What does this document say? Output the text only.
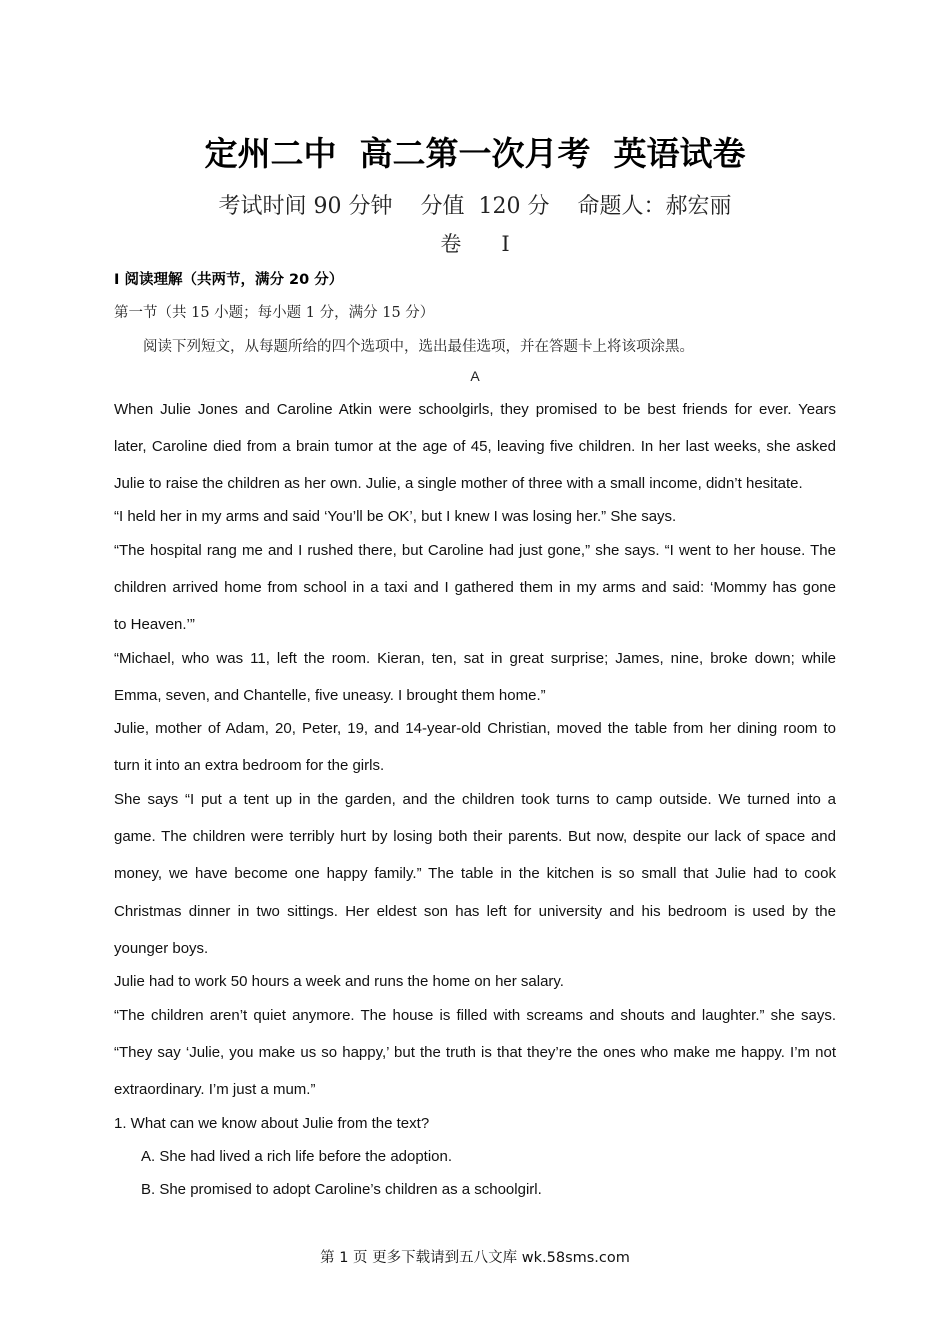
定州二中  高二第一次月考  英语试卷
考试时间 90 分钟    分值  120 分    命题人：郝宏丽
卷      Ⅰ
Ⅰ 阅读理解（共两节，满分 20 分）
第一节（共 15 小题；每小题 1 分，满分 15 分）
阅读下列短文，从每题所给的四个选项中，选出最佳选项，并在答题卡上将该项涂黑。
A
When Julie Jones and Caroline Atkin were schoolgirls, they promised to be best friends for ever. Years
later, Caroline died from a brain tumor at the age of 45, leaving five children. In her last weeks, she asked
Julie to raise the children as her own. Julie, a single mother of three with a small income, didn’t hesitate.
“I held her in my arms and said ‘You’ll be OK’, but I knew I was losing her.” She says.
“The hospital rang me and I rushed there, but Caroline had just gone,” she says. “I went to her house. The
children arrived home from school in a taxi and I gathered them in my arms and said: ‘Mommy has gone
to Heaven.’”
“Michael, who was 11, left the room. Kieran, ten, sat in great surprise; James, nine, broke down; while
Emma, seven, and Chantelle, five uneasy. I brought them home.”
Julie, mother of Adam, 20, Peter, 19, and 14-year-old Christian, moved the table from her dining room to
turn it into an extra bedroom for the girls.
She says “I put a tent up in the garden, and the children took turns to camp outside. We turned into a
game. The children were terribly hurt by losing both their parents. But now, despite our lack of space and
money, we have become one happy family.” The table in the kitchen is so small that Julie had to cook
Christmas dinner in two sittings. Her eldest son has left for university and his bedroom is used by the
younger boys.
Julie had to work 50 hours a week and runs the home on her salary.
“The children aren’t quiet anymore. The house is filled with screams and shouts and laughter.” she says.
“They say ‘Julie, you make us so happy,’ but the truth is that they’re the ones who make me happy. I’m not
extraordinary. I’m just a mum.”
1. What can we know about Julie from the text?
A. She had lived a rich life before the adoption.
B. She promised to adopt Caroline’s children as a schoolgirl.
第 1 页 更多下载请到五八文库 wk.58sms.com
